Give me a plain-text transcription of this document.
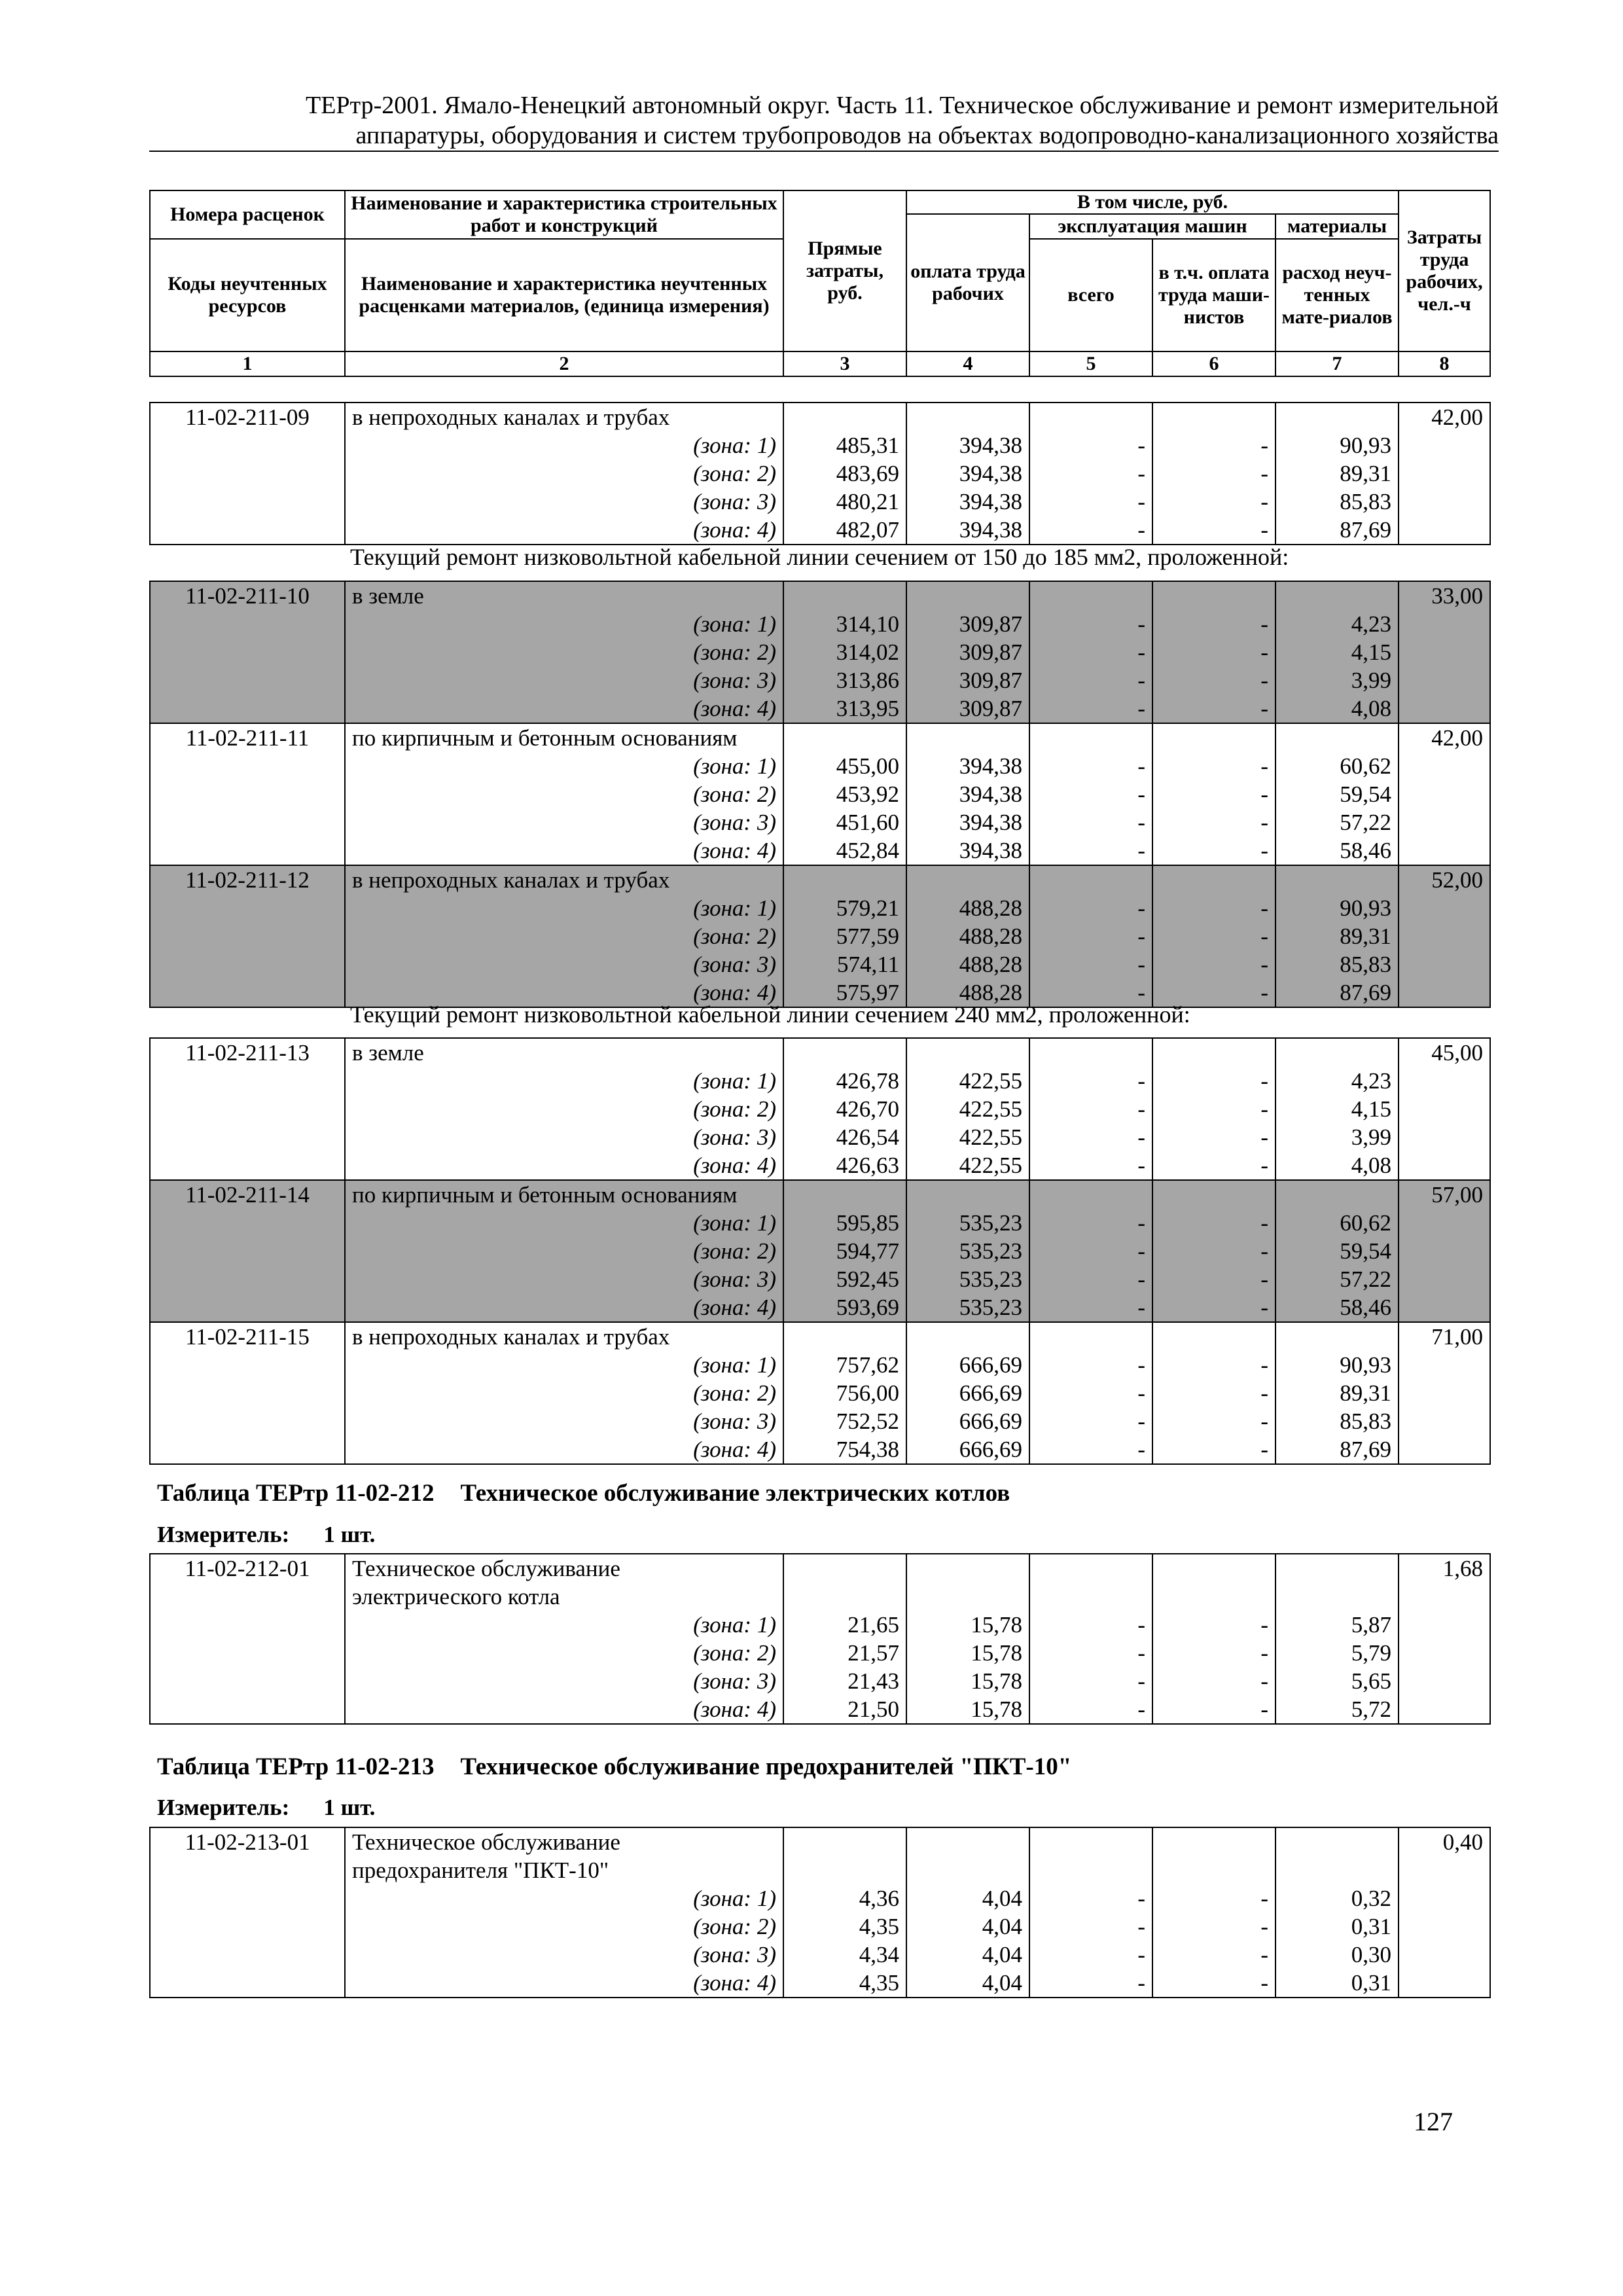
ТЕРтр-2001. Ямало-Ненецкий автономный округ. Часть 11. Техническое обслуживание и ремонт измерительной
аппаратуры, оборудования и систем трубопроводов на объектах водопроводно-канализационного хозяйства
Номера расценок	Наименование и характеристика строительных работ и конструкций	Прямые затраты, руб.	В том числе, руб.				Затраты труда рабочих, чел.-ч
			оплата труда рабочих	эксплуатация машин		материалы	
Коды неучтенных ресурсов	Наименование и характеристика неучтенных расценками материалов, (единица измерения)			всего	в т.ч. оплата труда маши-нистов	расход неуч-тенных мате-риалов	

1	2	3	4	5	6	7	8
11-02-211-09	в непроходных каналах и трубах						42,00
	(зона: 1)	485,31	394,38	-	-	90,93	
	(зона: 2)	483,69	394,38	-	-	89,31	
	(зона: 3)	480,21	394,38	-	-	85,83	
	(зона: 4)	482,07	394,38	-	-	87,69	
Текущий ремонт низковольтной кабельной линии сечением от 150 до 185 мм2, проложенной:
11-02-211-10	в земле						33,00
	(зона: 1)	314,10	309,87	-	-	4,23	
	(зона: 2)	314,02	309,87	-	-	4,15	
	(зона: 3)	313,86	309,87	-	-	3,99	
	(зона: 4)	313,95	309,87	-	-	4,08	
11-02-211-11	по кирпичным и бетонным основаниям						42,00
	(зона: 1)	455,00	394,38	-	-	60,62	
	(зона: 2)	453,92	394,38	-	-	59,54	
	(зона: 3)	451,60	394,38	-	-	57,22	
	(зона: 4)	452,84	394,38	-	-	58,46	
11-02-211-12	в непроходных каналах и трубах						52,00
	(зона: 1)	579,21	488,28	-	-	90,93	
	(зона: 2)	577,59	488,28	-	-	89,31	
	(зона: 3)	574,11	488,28	-	-	85,83	
	(зона: 4)	575,97	488,28	-	-	87,69	
Текущий ремонт низковольтной кабельной линии сечением 240 мм2, проложенной:
11-02-211-13	в земле						45,00
	(зона: 1)	426,78	422,55	-	-	4,23	
	(зона: 2)	426,70	422,55	-	-	4,15	
	(зона: 3)	426,54	422,55	-	-	3,99	
	(зона: 4)	426,63	422,55	-	-	4,08	
11-02-211-14	по кирпичным и бетонным основаниям						57,00
	(зона: 1)	595,85	535,23	-	-	60,62	
	(зона: 2)	594,77	535,23	-	-	59,54	
	(зона: 3)	592,45	535,23	-	-	57,22	
	(зона: 4)	593,69	535,23	-	-	58,46	
11-02-211-15	в непроходных каналах и трубах						71,00
	(зона: 1)	757,62	666,69	-	-	90,93	
	(зона: 2)	756,00	666,69	-	-	89,31	
	(зона: 3)	752,52	666,69	-	-	85,83	
	(зона: 4)	754,38	666,69	-	-	87,69	
Таблица ТЕРтр 11-02-212 Техническое обслуживание электрических котлов
Измеритель: 1 шт.
11-02-212-01	Техническое обслуживание						1,68
	электрического котла						
	(зона: 1)	21,65	15,78	-	-	5,87	
	(зона: 2)	21,57	15,78	-	-	5,79	
	(зона: 3)	21,43	15,78	-	-	5,65	
	(зона: 4)	21,50	15,78	-	-	5,72	
Таблица ТЕРтр 11-02-213 Техническое обслуживание предохранителей "ПКТ-10"
Измеритель: 1 шт.
11-02-213-01	Техническое обслуживание						0,40
	предохранителя "ПКТ-10"						
	(зона: 1)	4,36	4,04	-	-	0,32	
	(зона: 2)	4,35	4,04	-	-	0,31	
	(зона: 3)	4,34	4,04	-	-	0,30	
	(зона: 4)	4,35	4,04	-	-	0,31	
127
